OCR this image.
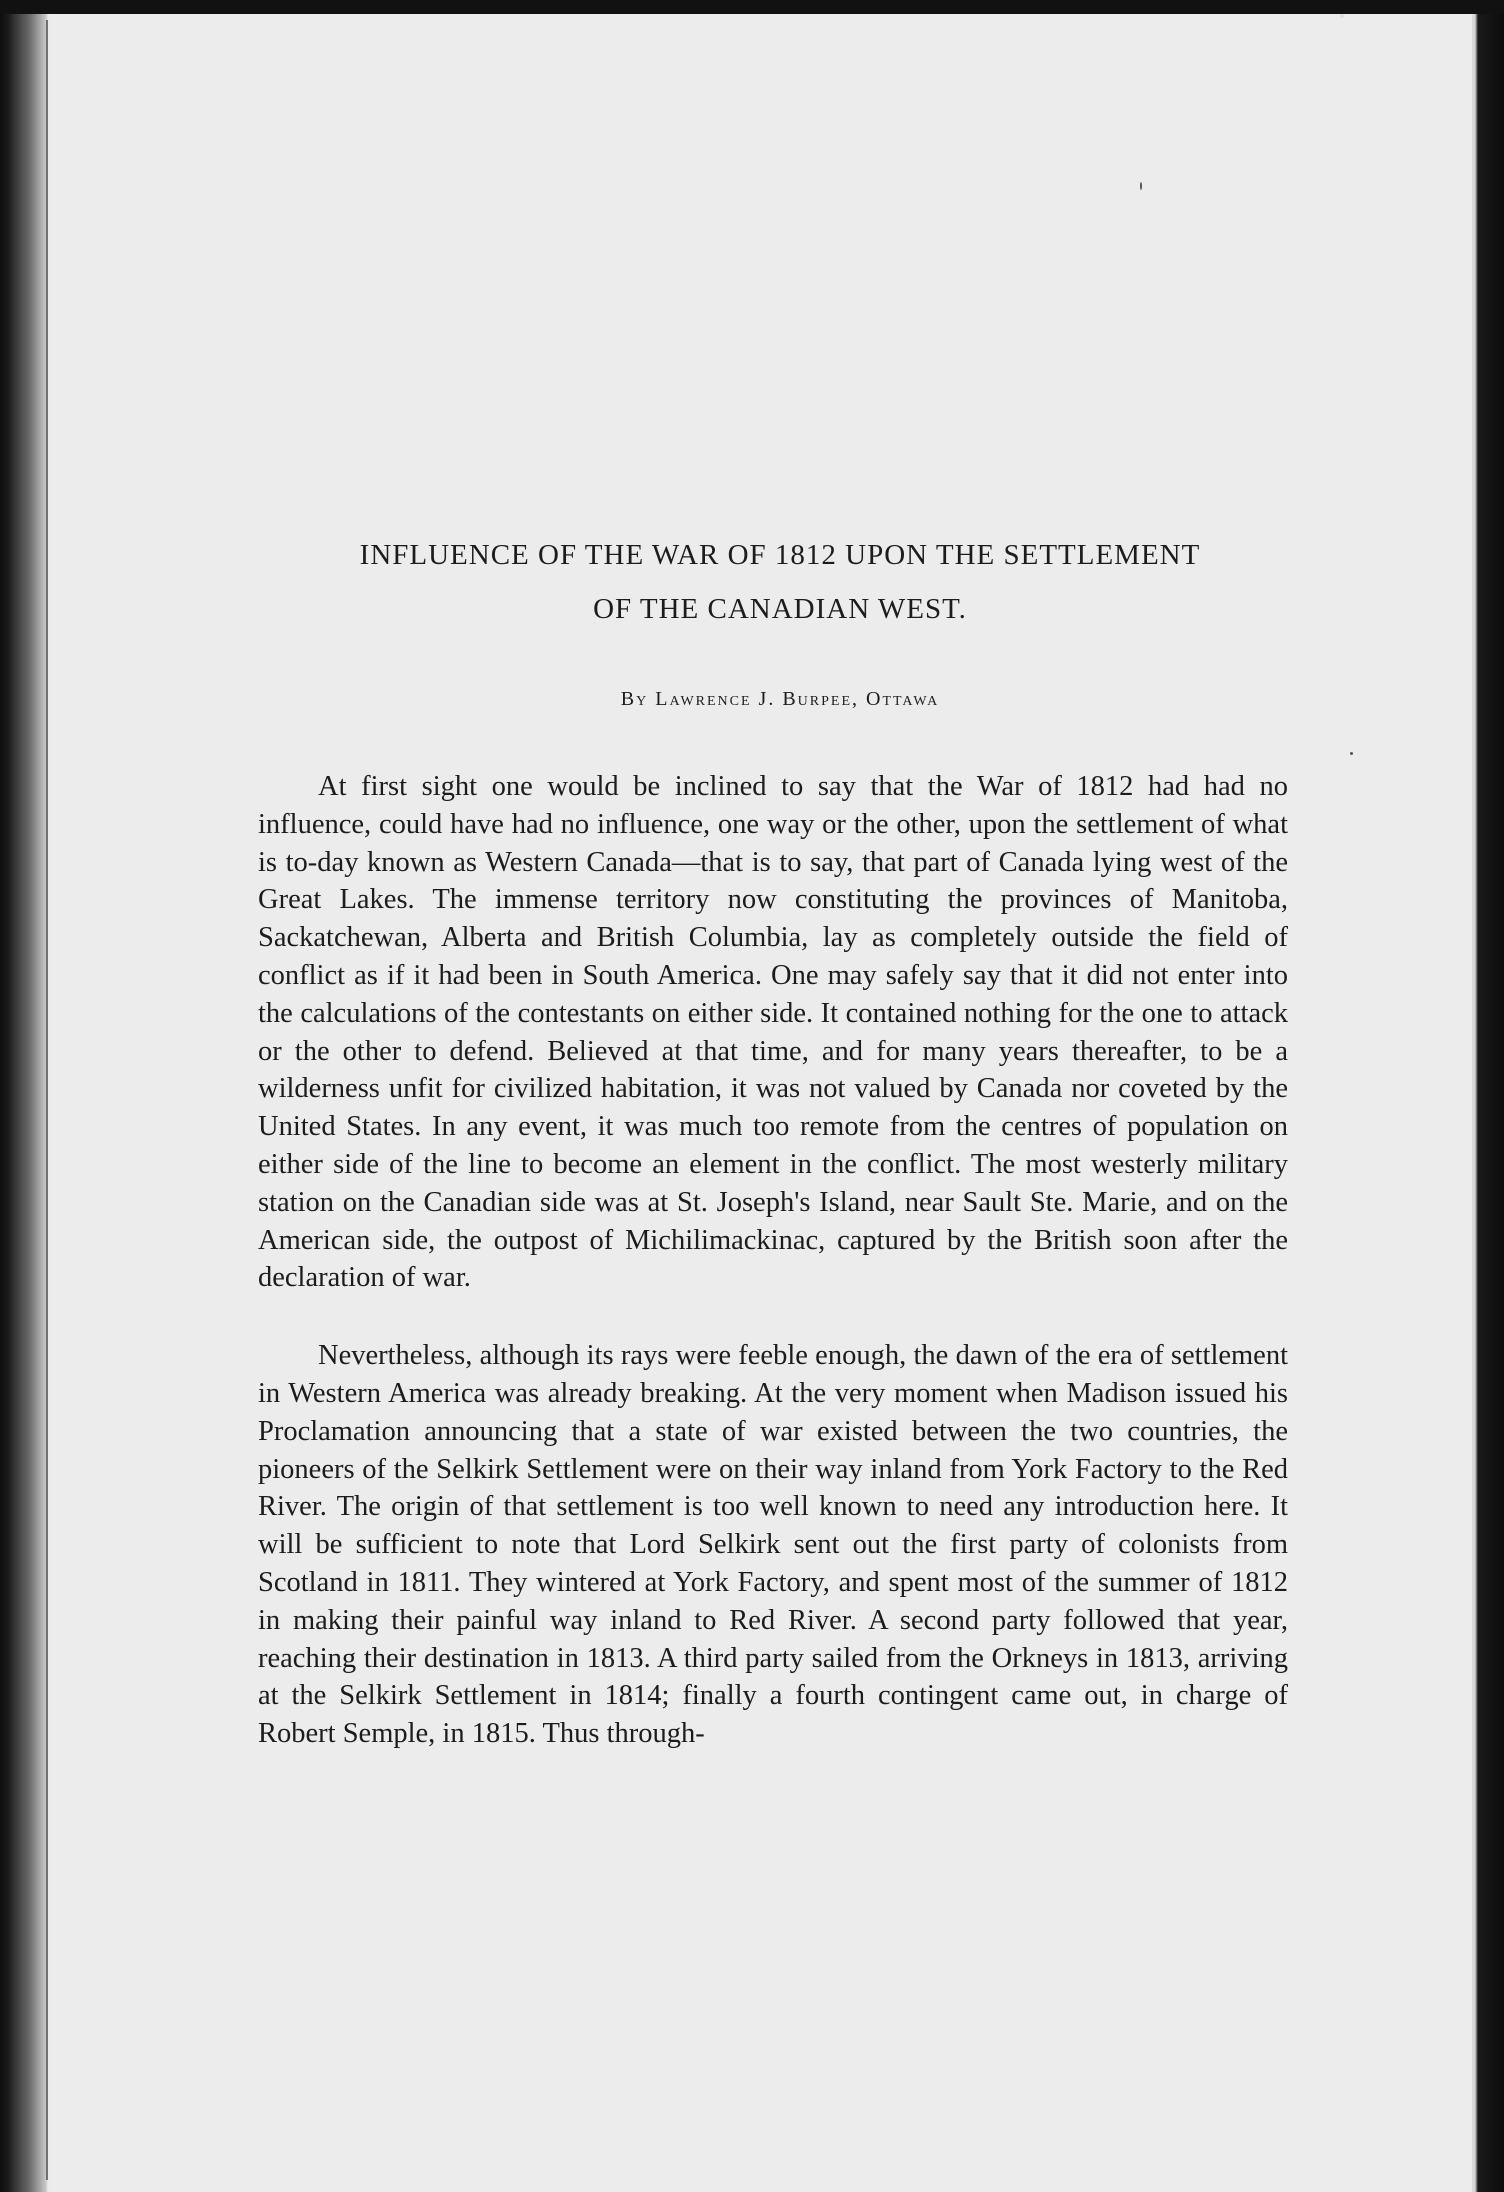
INFLUENCE OF THE WAR OF 1812 UPON THE SETTLEMENT
OF THE CANADIAN WEST.
By Lawrence J. Burpee, Ottawa

At first sight one would be inclined to say that the War of 1812 had had no influence, could have had no influence, one way or the other, upon the settlement of what is to-day known as Western Canada—that is to say, that part of Canada lying west of the Great Lakes. The immense territory now constituting the provinces of Manitoba, Sackatchewan, Alberta and British Columbia, lay as completely outside the field of conflict as if it had been in South America. One may safely say that it did not enter into the calculations of the contestants on either side. It contained nothing for the one to attack or the other to defend. Believed at that time, and for many years thereafter, to be a wilderness unfit for civilized habitation, it was not valued by Canada nor coveted by the United States. In any event, it was much too remote from the centres of population on either side of the line to become an element in the conflict. The most westerly military station on the Canadian side was at St. Joseph's Island, near Sault Ste. Marie, and on the American side, the outpost of Michilimackinac, captured by the British soon after the declaration of war.

Nevertheless, although its rays were feeble enough, the dawn of the era of settlement in Western America was already breaking. At the very moment when Madison issued his Proclamation announcing that a state of war existed between the two countries, the pioneers of the Selkirk Settlement were on their way inland from York Factory to the Red River. The origin of that settlement is too well known to need any introduction here. It will be sufficient to note that Lord Selkirk sent out the first party of colonists from Scotland in 1811. They wintered at York Factory, and spent most of the summer of 1812 in making their painful way inland to Red River. A second party followed that year, reaching their destination in 1813. A third party sailed from the Orkneys in 1813, arriving at the Selkirk Settlement in 1814; finally a fourth contingent came out, in charge of Robert Semple, in 1815. Thus through-
